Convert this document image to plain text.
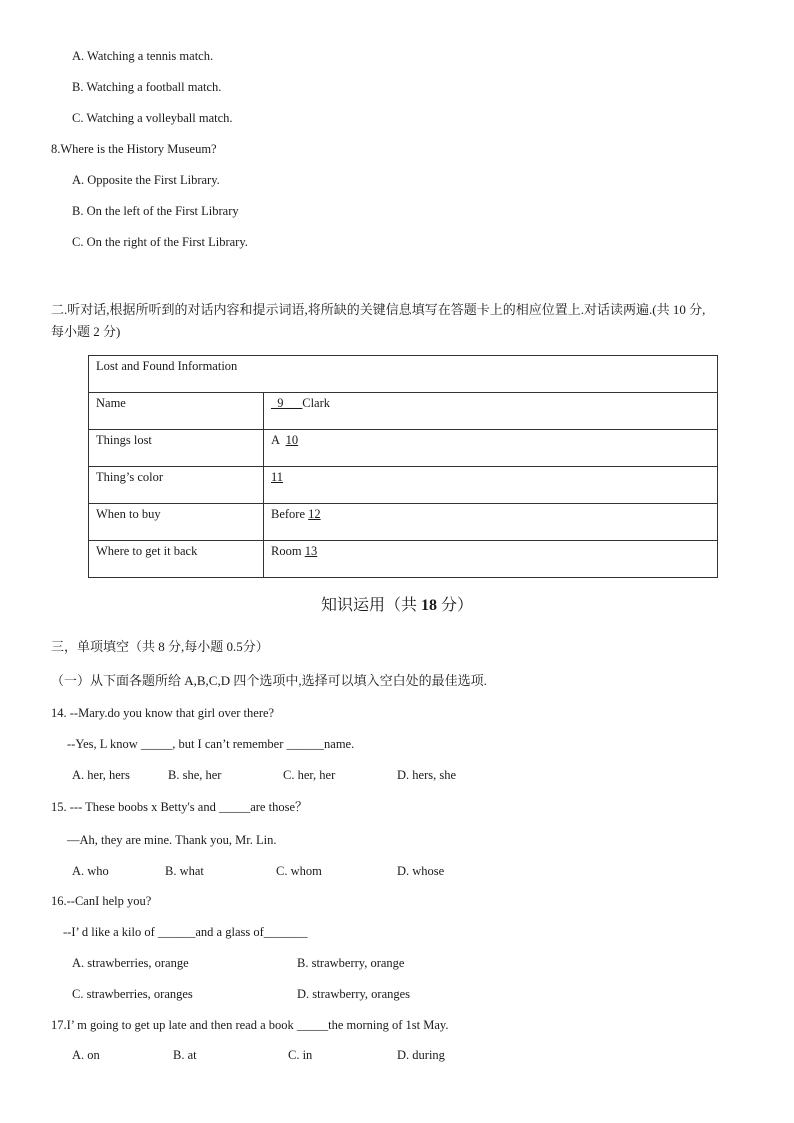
A. Watching a tennis match.
B. Watching a football match.
C. Watching a volleyball match.
8.Where is the History Museum?
A. Opposite the First Library.
B. On the left of the First Library
C. On the right of the First Library.
二.听对话,根据所听到的对话内容和提示词语,将所缺的关键信息填写在答题卡上的相应位置上.对话读两遍.(共 10 分,
每小题 2 分)
Lost and Found Information	
Name	_9___Clark
Things lost	A  10
Thing’s color	11
When to buy	Before 12
Where to get it back	Room 13
知识运用（共 18 分）
三，单项填空（共 8 分,每小题 0.5分）
（一）从下面各题所给 A,B,C,D 四个选项中,选择可以填入空白处的最佳选项.
14. --Mary.do you know that girl over there?
--Yes, L know _____, but I can’t remember ______name.
A. her, hers	B. she, her	C. her, her	D. hers, she
15. --- These boobs x Betty's and _____are those？
—Ah, they are mine. Thank you, Mr. Lin.
A. who	B. what	C. whom	D. whose
16.--CanI help you?
--I’ d like a kilo of ______and a glass of_______
A. strawberries, orange	B. strawberry, orange
C. strawberries, oranges	D. strawberry, oranges
17.I’ m going to get up late and then read a book _____the morning of 1st May.
A. on	B. at	C. in	D. during
